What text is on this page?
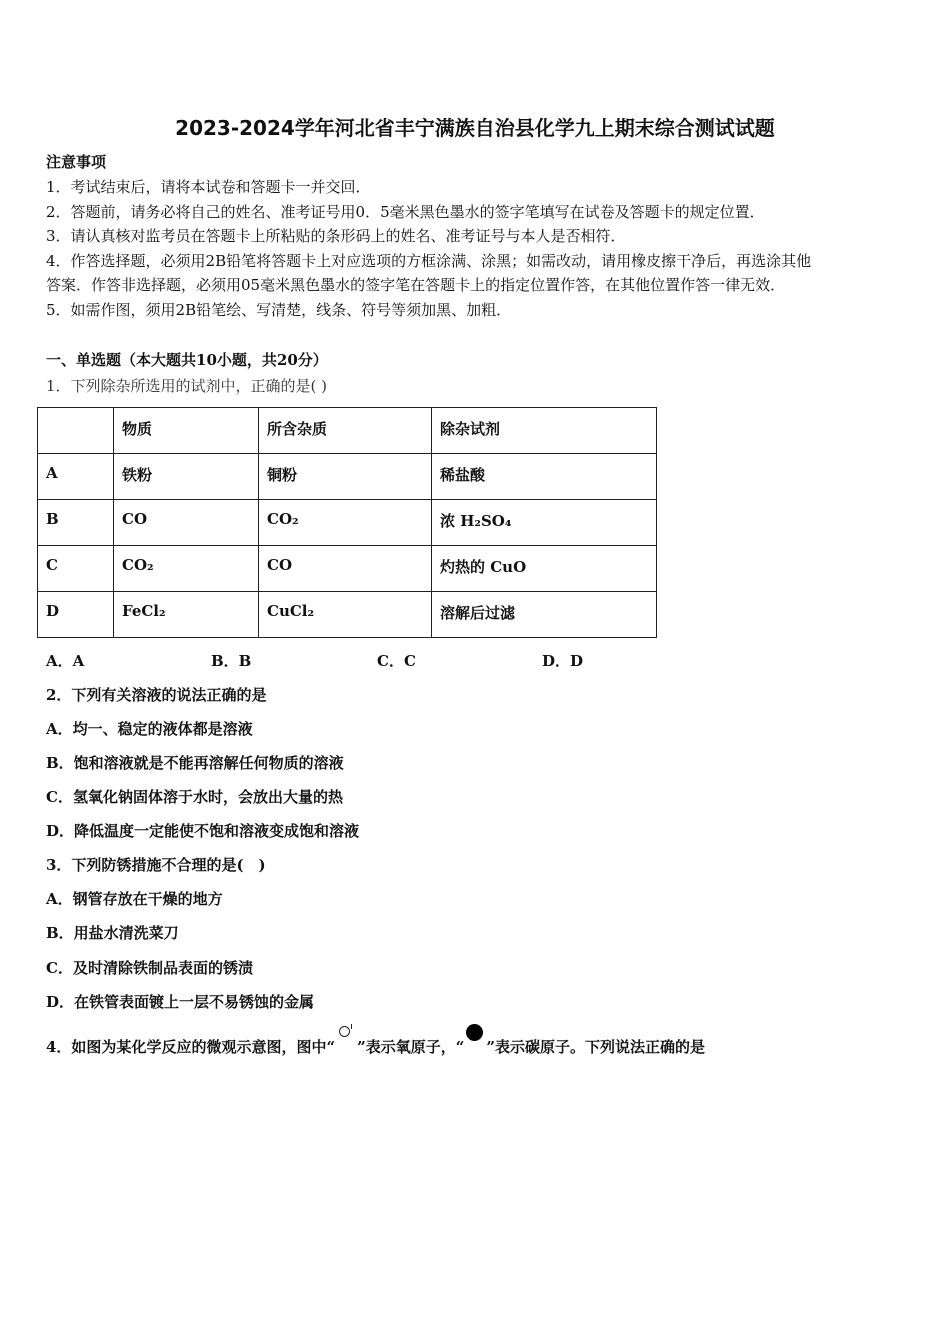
2023-2024学年河北省丰宁满族自治县化学九上期末综合测试试题
注意事项
1．考试结束后，请将本试卷和答题卡一并交回．
2．答题前，请务必将自己的姓名、准考证号用0．5毫米黑色墨水的签字笔填写在试卷及答题卡的规定位置．
3．请认真核对监考员在答题卡上所粘贴的条形码上的姓名、准考证号与本人是否相符．
4．作答选择题，必须用2B铅笔将答题卡上对应选项的方框涂满、涂黑；如需改动，请用橡皮擦干净后，再选涂其他
答案．作答非选择题，必须用05毫米黑色墨水的签字笔在答题卡上的指定位置作答，在其他位置作答一律无效．
5．如需作图，须用2B铅笔绘、写清楚，线条、符号等须加黑、加粗．
一、单选题（本大题共10小题，共20分）
1．下列除杂所选用的试剂中，正确的是( )
	物质	所含杂质	除杂试剂
A	铁粉	铜粉	稀盐酸
B	CO	CO₂	浓 H₂SO₄
C	CO₂	CO	灼热的 CuO
D	FeCl₂	CuCl₂	溶解后过滤
A．A	B．B	C．C	D．D
2．下列有关溶液的说法正确的是
A．均一、稳定的液体都是溶液
B．饱和溶液就是不能再溶解任何物质的溶液
C．氢氧化钠固体溶于水时，会放出大量的热
D．降低温度一定能使不饱和溶液变成饱和溶液
3．下列防锈措施不合理的是(　)
A．钢管存放在干燥的地方
B．用盐水清洗菜刀
C．及时清除铁制品表面的锈渍
D．在铁管表面镀上一层不易锈蚀的金属
4．如图为某化学反应的微观示意图，图中“ ”表示氧原子，“ ”表示碳原子。下列说法正确的是
